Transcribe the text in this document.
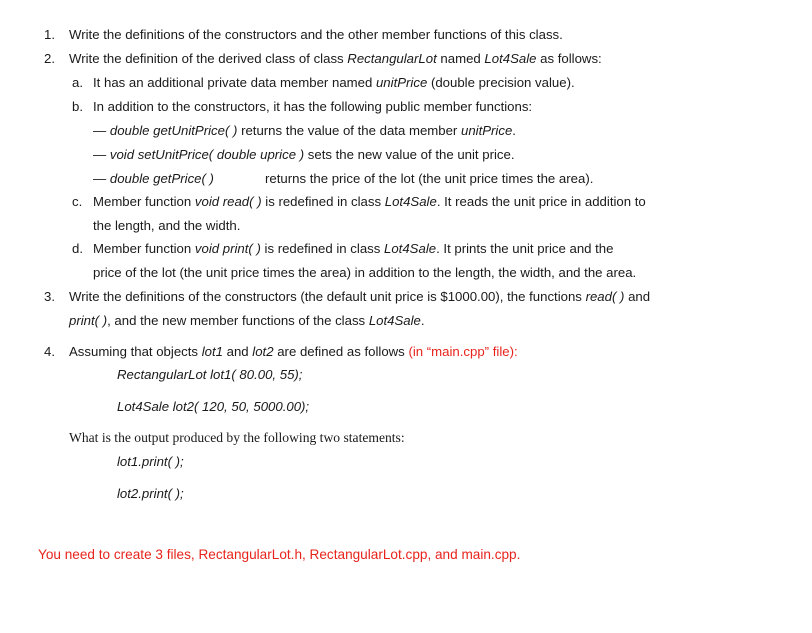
1. Write the definitions of the constructors and the other member functions of this class.
2. Write the definition of the derived class of class RectangularLot named Lot4Sale as follows:
a. It has an additional private data member named unitPrice (double precision value).
b. In addition to the constructors, it has the following public member functions:
— double getUnitPrice( ) returns the value of the data member unitPrice.
— void setUnitPrice( double uprice ) sets the new value of the unit price.
— double getPrice( )	returns the price of the lot (the unit price times the area).
c. Member function void read( ) is redefined in class Lot4Sale. It reads the unit price in addition to
the length, and the width.
d. Member function void print( ) is redefined in class Lot4Sale. It prints the unit price and the
price of the lot (the unit price times the area) in addition to the length, the width, and the area.
3. Write the definitions of the constructors (the default unit price is $1000.00), the functions read( ) and
print( ), and the new member functions of the class Lot4Sale.
4. Assuming that objects lot1 and lot2 are defined as follows (in “main.cpp” file):
RectangularLot lot1( 80.00, 55);
Lot4Sale lot2( 120, 50, 5000.00);
What is the output produced by the following two statements:
lot1.print( );
lot2.print( );
You need to create 3 files, RectangularLot.h, RectangularLot.cpp, and main.cpp.
